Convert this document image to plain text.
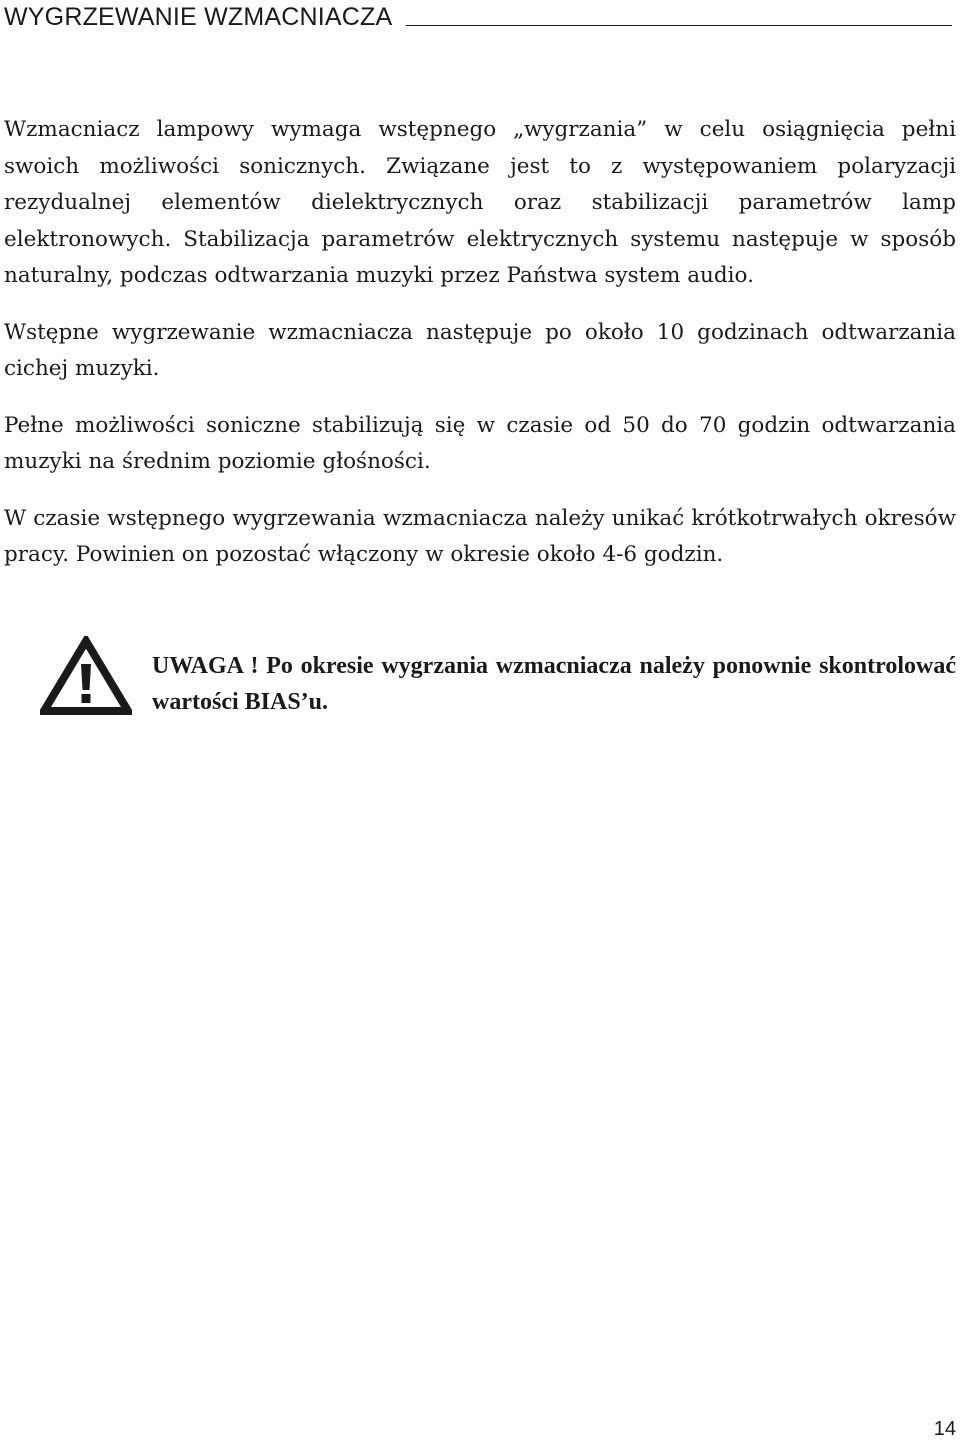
WYGRZEWANIE WZMACNIACZA

Wzmacniacz lampowy wymaga wstępnego „wygrzania” w celu osiągnięcia pełni swoich możliwości sonicznych. Związane jest to z występowaniem polaryzacji rezydualnej elementów dielektrycznych oraz stabilizacji parametrów lamp elektronowych. Stabilizacja parametrów elektrycznych systemu następuje w sposób naturalny, podczas odtwarzania muzyki przez Państwa system audio.

Wstępne wygrzewanie wzmacniacza następuje po około 10 godzinach odtwarzania cichej muzyki.

Pełne możliwości soniczne stabilizują się w czasie od 50 do 70 godzin odtwarzania muzyki na średnim poziomie głośności.

W czasie wstępnego wygrzewania wzmacniacza należy unikać krótkotrwałych okresów pracy. Powinien on pozostać włączony w okresie około 4-6 godzin.

UWAGA ! Po okresie wygrzania wzmacniacza należy ponownie skontrolować wartości BIAS’u.
14
